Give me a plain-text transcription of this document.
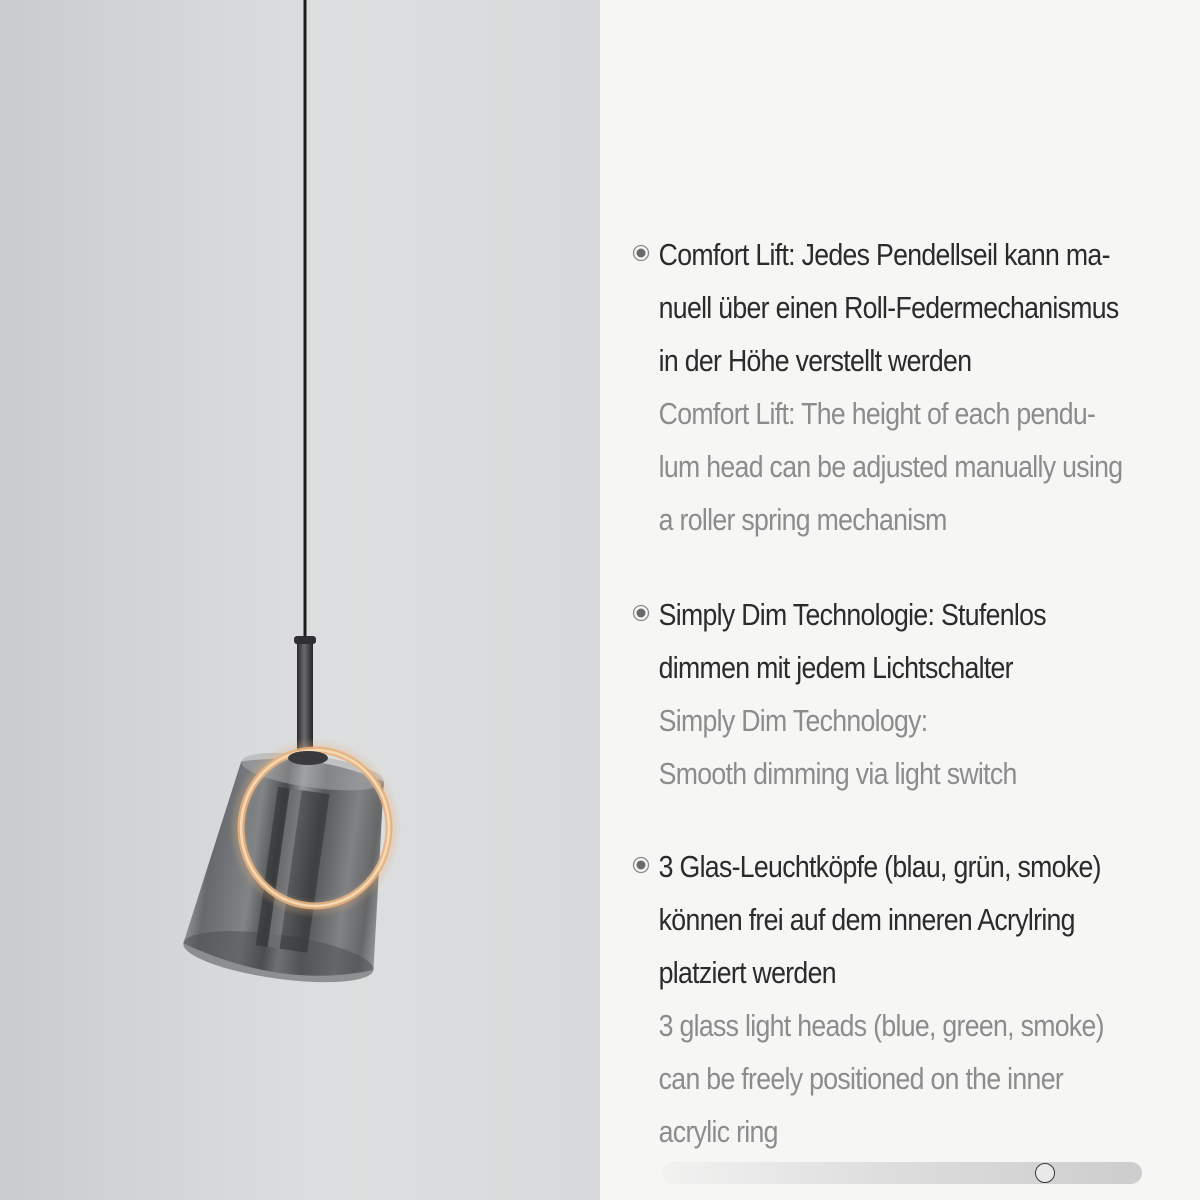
Comfort Lift: Jedes Pendellseil kann ma-
nuell über einen Roll-Federmechanismus
in der Höhe verstellt werden
Comfort Lift: The height of each pendu-
lum head can be adjusted manually using
a roller spring mechanism
Simply Dim Technologie: Stufenlos
dimmen mit jedem Lichtschalter
Simply Dim Technology:
Smooth dimming via light switch
3 Glas-Leuchtköpfe (blau, grün, smoke)
können frei auf dem inneren Acrylring
platziert werden
3 glass light heads (blue, green, smoke)
can be freely positioned on the inner
acrylic ring
